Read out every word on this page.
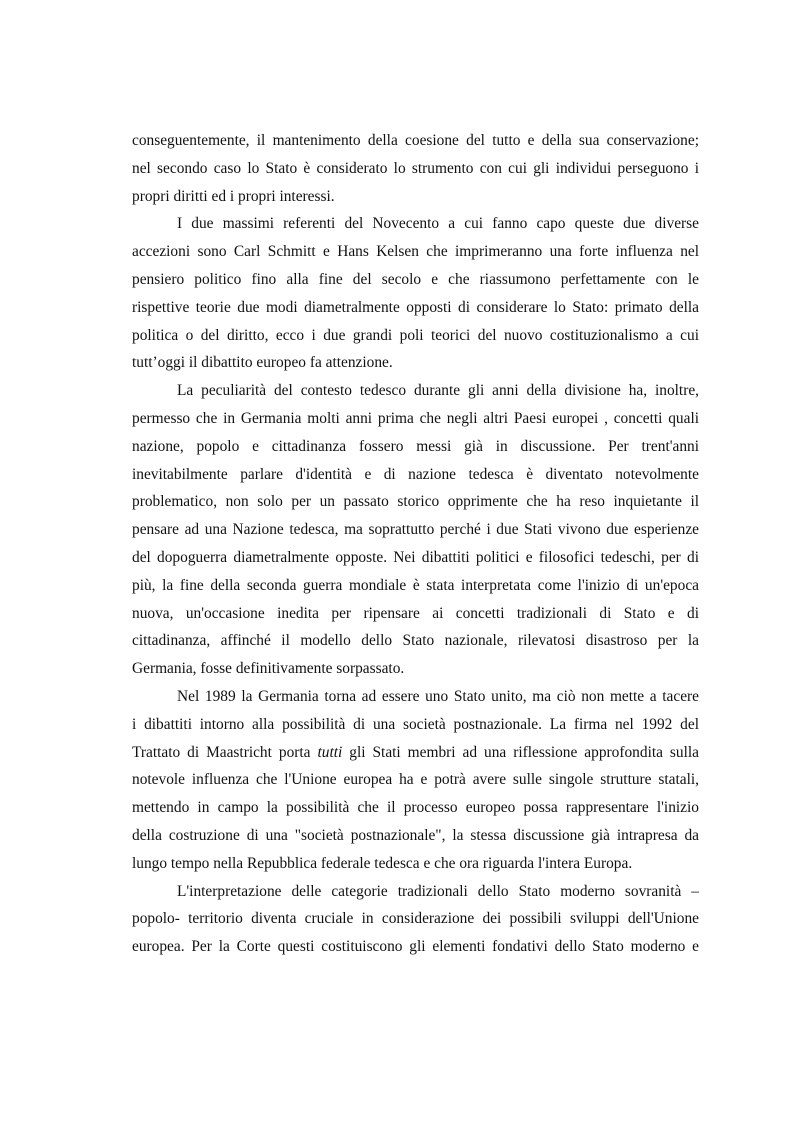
conseguentemente, il mantenimento della coesione del tutto e della sua conservazione;
nel secondo caso lo Stato è considerato lo strumento con cui gli individui perseguono i
propri diritti ed i propri interessi.
I due massimi referenti del Novecento a cui fanno capo queste due diverse
accezioni sono Carl Schmitt e Hans Kelsen che imprimeranno una forte influenza nel
pensiero politico fino alla fine del secolo e che riassumono perfettamente con le
rispettive teorie due modi diametralmente opposti di considerare lo Stato: primato della
politica o del diritto, ecco i due grandi poli teorici del nuovo costituzionalismo a cui
tutt’oggi il dibattito europeo fa attenzione.
La peculiarità del contesto tedesco durante gli anni della divisione ha, inoltre,
permesso che in Germania molti anni prima che negli altri Paesi europei , concetti quali
nazione, popolo e cittadinanza fossero messi già in discussione. Per trent'anni
inevitabilmente parlare d'identità e di nazione tedesca è diventato notevolmente
problematico, non solo per un passato storico opprimente che ha reso inquietante il
pensare ad una Nazione tedesca, ma soprattutto perché i due Stati vivono due esperienze
del dopoguerra diametralmente opposte. Nei dibattiti politici e filosofici tedeschi, per di
più, la fine della seconda guerra mondiale è stata interpretata come l'inizio di un'epoca
nuova, un'occasione inedita per ripensare ai concetti tradizionali di Stato e di
cittadinanza, affinché il modello dello Stato nazionale, rilevatosi disastroso per la
Germania, fosse definitivamente sorpassato.
Nel 1989 la Germania torna ad essere uno Stato unito, ma ciò non mette a tacere
i dibattiti intorno alla possibilità di una società postnazionale. La firma nel 1992 del
Trattato di Maastricht porta tutti gli Stati membri ad una riflessione approfondita sulla
notevole influenza che l'Unione europea ha e potrà avere sulle singole strutture statali,
mettendo in campo la possibilità che il processo europeo possa rappresentare l'inizio
della costruzione di una "società postnazionale", la stessa discussione già intrapresa da
lungo tempo nella Repubblica federale tedesca e che ora riguarda l'intera Europa.
L'interpretazione delle categorie tradizionali dello Stato moderno sovranità –
popolo- territorio diventa cruciale in considerazione dei possibili sviluppi dell'Unione
europea. Per la Corte questi costituiscono gli elementi fondativi dello Stato moderno e
